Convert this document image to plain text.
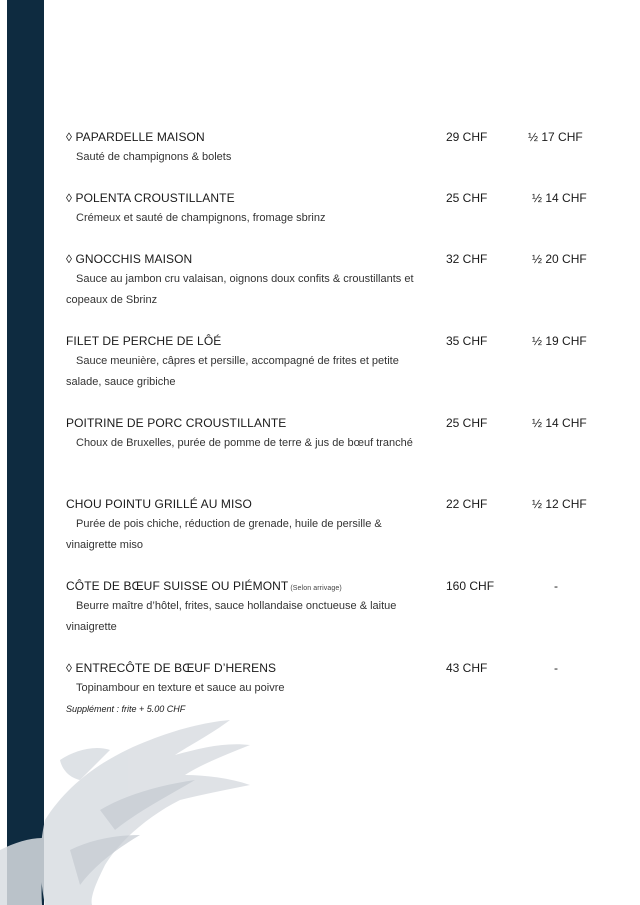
◊ PAPARDELLE MAISON	29 CHF	½ 17 CHF
Sauté de champignons & bolets
◊ POLENTA CROUSTILLANTE	25 CHF	½ 14 CHF
Crémeux et sauté de champignons, fromage sbrinz
◊ GNOCCHIS MAISON	32 CHF	½ 20 CHF
Sauce au jambon cru valaisan, oignons doux confits & croustillants et copeaux de Sbrinz
FILET DE PERCHE DE LÔÉ	35 CHF	½ 19 CHF
Sauce meunière, câpres et persille, accompagné de frites et petite salade, sauce gribiche
POITRINE DE PORC CROUSTILLANTE	25 CHF	½ 14 CHF
Choux de Bruxelles, purée de pomme de terre & jus de bœuf tranché
CHOU POINTU GRILLÉ AU MISO	22 CHF	½ 12 CHF
Purée de pois chiche, réduction de grenade, huile de persille & vinaigrette miso
CÔTE DE BŒUF SUISSE OU PIÉMONT (Selon arrivage)	160 CHF	-
Beurre maître d’hôtel, frites, sauce hollandaise onctueuse & laitue vinaigrette
◊ ENTRECÔTE DE BŒUF D’HERENS	43 CHF	-
Topinambour en texture et sauce au poivre
Supplément : frite + 5.00 CHF
